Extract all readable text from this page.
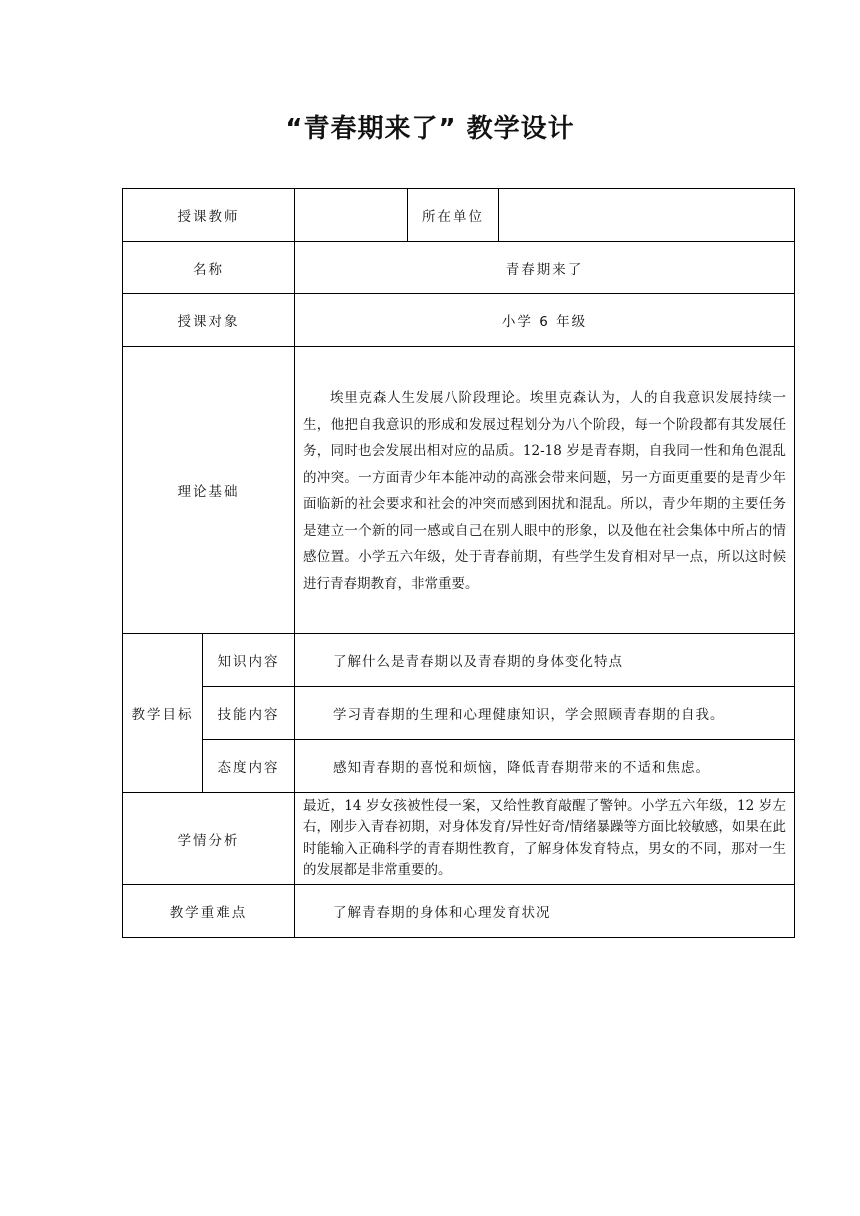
“青春期来了” 教学设计
授课教师			所在单位	
名称		青春期来了		
授课对象		小学 6 年级		
理论基础		埃里克森人生发展八阶段理论。埃里克森认为，人的自我意识发展持续一生，他把自我意识的形成和发展过程划分为八个阶段，每一个阶段都有其发展任务，同时也会发展出相对应的品质。12-18 岁是青春期，自我同一性和角色混乱的冲突。一方面青少年本能冲动的高涨会带来问题，另一方面更重要的是青少年面临新的社会要求和社会的冲突而感到困扰和混乱。所以，青少年期的主要任务是建立一个新的同一感或自己在别人眼中的形象，以及他在社会集体中所占的情感位置。小学五六年级，处于青春前期，有些学生发育相对早一点，所以这时候进行青春期教育，非常重要。		
教学目标	知识内容	了解什么是青春期以及青春期的身体变化特点		
	技能内容	学习青春期的生理和心理健康知识，学会照顾青春期的自我。		
	态度内容	感知青春期的喜悦和烦恼，降低青春期带来的不适和焦虑。		
学情分析		最近，14 岁女孩被性侵一案，又给性教育敲醒了警钟。小学五六年级，12 岁左右，刚步入青春初期，对身体发育/异性好奇/情绪暴躁等方面比较敏感，如果在此时能输入正确科学的青春期性教育，了解身体发育特点，男女的不同，那对一生的发展都是非常重要的。		
教学重难点		了解青春期的身体和心理发育状况		
